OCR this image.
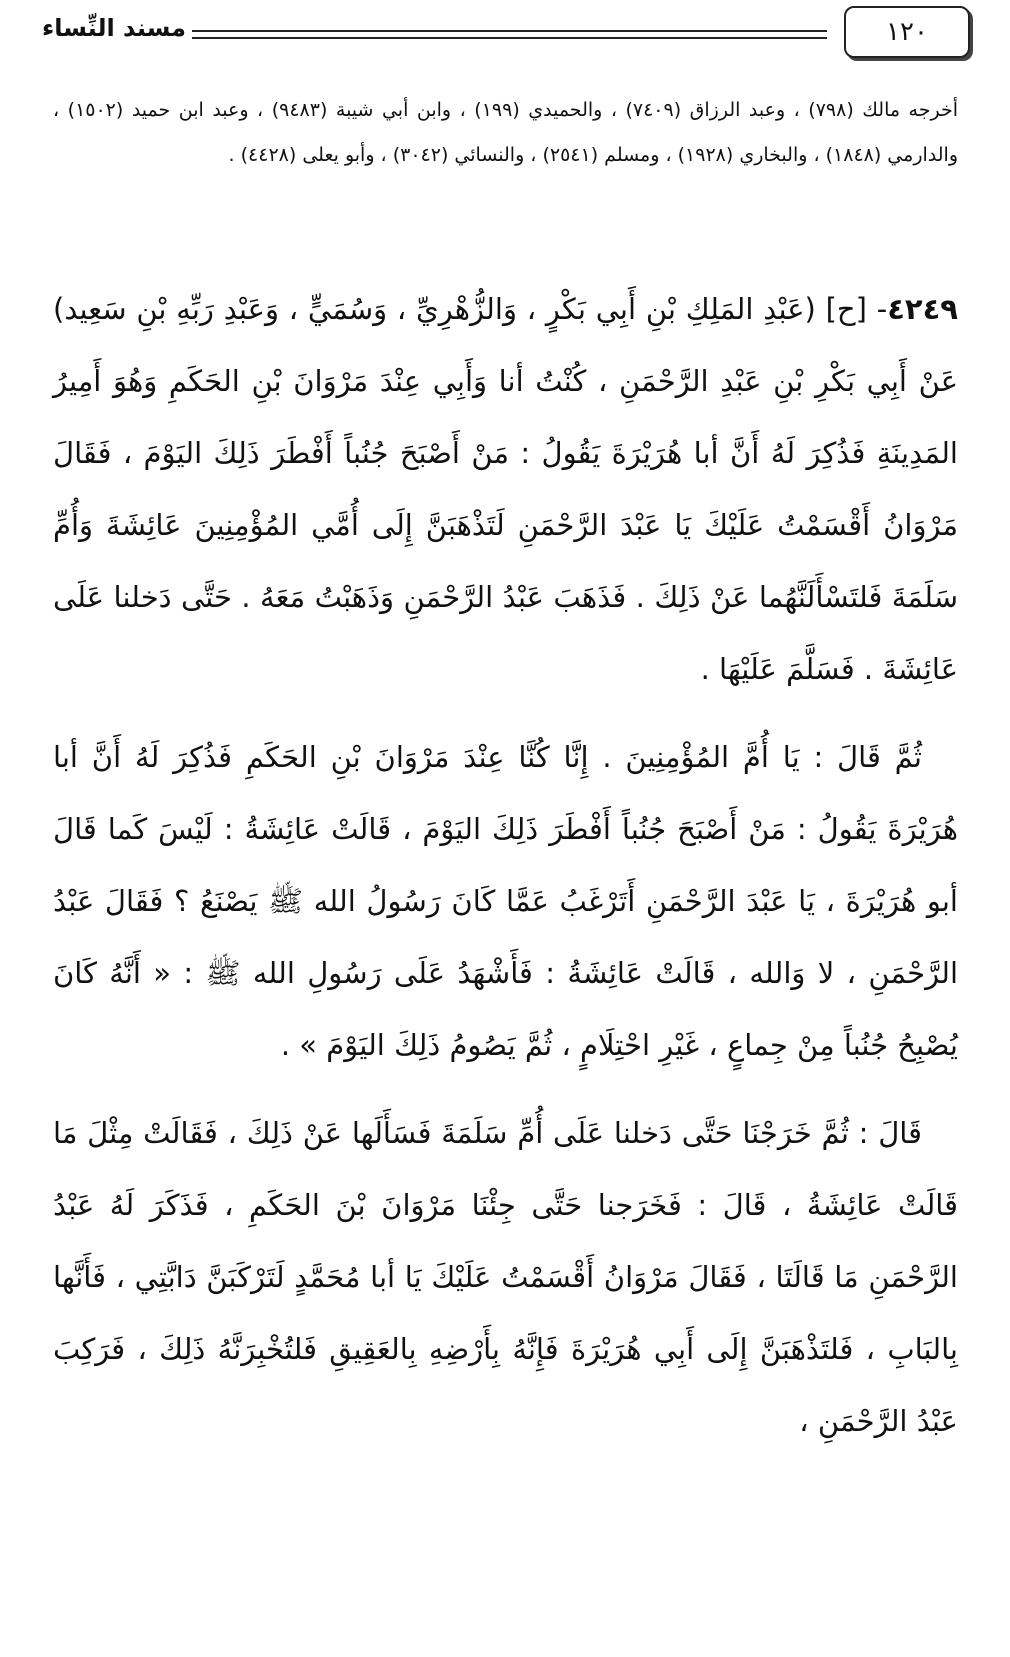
١٢٠
مسند النِّساء

أخرجه مالك (٧٩٨) ، وعبد الرزاق (٧٤٠٩) ، والحميدي (١٩٩) ، وابن أبي شيبة (٩٤٨٣) ، وعبد ابن حميد (١٥٠٢) ، والدارمي (١٨٤٨) ، والبخاري (١٩٢٨) ، ومسلم (٢٥٤١) ، والنسائي (٣٠٤٢) ، وأبو يعلى (٤٤٢٨) .

٤٢٤٩- [ح] (عَبْدِ المَلِكِ بْنِ أَبِي بَكْرٍ ، وَالزُّهْرِيِّ ، وَسُمَيٍّ ، وَعَبْدِ رَبِّهِ بْنِ سَعِيد) عَنْ أَبِي بَكْرِ بْنِ عَبْدِ الرَّحْمَنِ ، كُنْتُ أنا وَأَبِي عِنْدَ مَرْوَانَ بْنِ الحَكَمِ وَهُوَ أَمِيرُ المَدِينَةِ فَذُكِرَ لَهُ أَنَّ أبا هُرَيْرَةَ يَقُولُ : مَنْ أَصْبَحَ جُنُباً أَفْطَرَ ذَلِكَ اليَوْمَ ، فَقَالَ مَرْوَانُ أَقْسَمْتُ عَلَيْكَ يَا عَبْدَ الرَّحْمَنِ لَتَذْهَبَنَّ إِلَى أُمَّي المُؤْمِنِينَ عَائِشَةَ وَأُمِّ سَلَمَةَ فَلتَسْأَلَنَّهُما عَنْ ذَلِكَ . فَذَهَبَ عَبْدُ الرَّحْمَنِ وَذَهَبْتُ مَعَهُ . حَتَّى دَخلنا عَلَى عَائِشَةَ . فَسَلَّمَ عَلَيْهَا .

ثُمَّ قَالَ : يَا أُمَّ المُؤْمِنِينَ . إِنَّا كُنَّا عِنْدَ مَرْوَانَ بْنِ الحَكَمِ فَذُكِرَ لَهُ أَنَّ أبا هُرَيْرَةَ يَقُولُ : مَنْ أَصْبَحَ جُنُباً أَفْطَرَ ذَلِكَ اليَوْمَ ، قَالَتْ عَائِشَةُ : لَيْسَ كَما قَالَ أبو هُرَيْرَةَ ، يَا عَبْدَ الرَّحْمَنِ أَتَرْغَبُ عَمَّا كَانَ رَسُولُ الله ﷺ يَصْنَعُ ؟ فَقَالَ عَبْدُ الرَّحْمَنِ ، لا وَالله ، قَالَتْ عَائِشَةُ : فَأَشْهَدُ عَلَى رَسُولِ الله ﷺ : « أَنَّهُ كَانَ يُصْبِحُ جُنُباً مِنْ جِماعٍ ، غَيْرِ احْتِلَامٍ ، ثُمَّ يَصُومُ ذَلِكَ اليَوْمَ » .

قَالَ : ثُمَّ خَرَجْنَا حَتَّى دَخلنا عَلَى أُمِّ سَلَمَةَ فَسَأَلَها عَنْ ذَلِكَ ، فَقَالَتْ مِثْلَ مَا قَالَتْ عَائِشَةُ ، قَالَ : فَخَرَجنا حَتَّى جِئْنَا مَرْوَانَ بْنَ الحَكَمِ ، فَذَكَرَ لَهُ عَبْدُ الرَّحْمَنِ مَا قَالَتَا ، فَقَالَ مَرْوَانُ أَقْسَمْتُ عَلَيْكَ يَا أبا مُحَمَّدٍ لَتَرْكَبَنَّ دَابَّتِي ، فَأَنَّها بِالبَابِ ، فَلتَذْهَبَنَّ إِلَى أَبِي هُرَيْرَةَ فَإِنَّهُ بِأَرْضِهِ بِالعَقِيقِ فَلتُخْبِرَنَّهُ ذَلِكَ ، فَرَكِبَ عَبْدُ الرَّحْمَنِ ،
